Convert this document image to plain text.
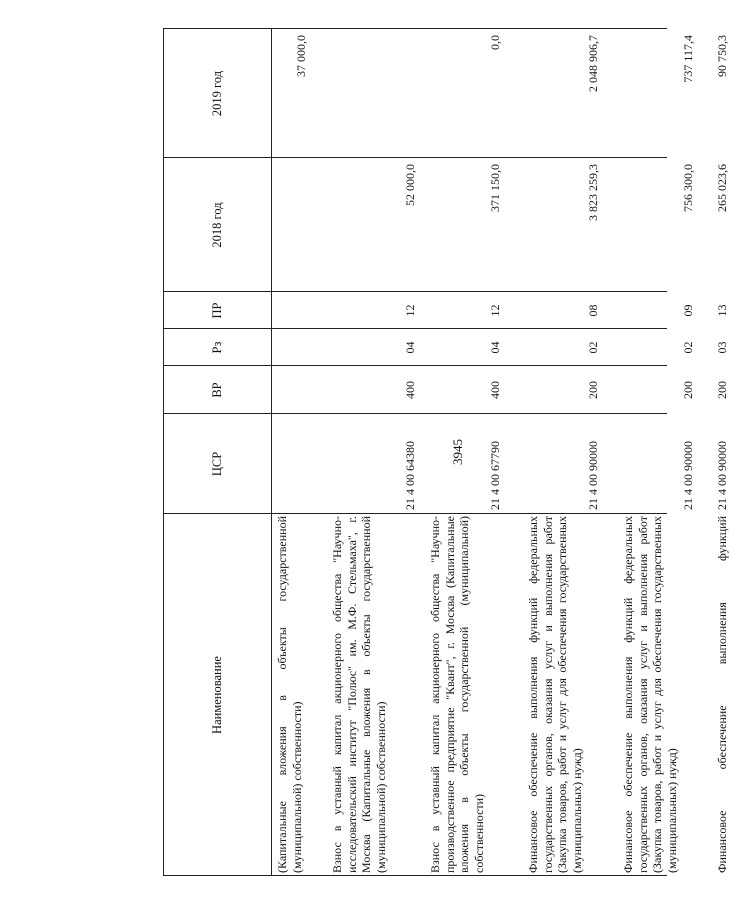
3945
Наименование
ЦСР
ВР
Рз
ПР
2018 год
2019 год
(Капитальные вложения в объекты государственной (муниципальной) собственности) Взнос в уставный капитал акционерного общества "Научно-исследовательский институт "Полюс" им. М.Ф. Стельмаха", г. Москва (Капитальные вложения в объекты государственной (муниципальной) собственности)
21 4 00 64380
400
04
12
52 000,0
37 000,0
Взнос в уставный капитал акционерного общества "Научно-производственное предприятие "Квант", г. Москва (Капитальные вложения в объекты государственной (муниципальной) собственности)
21 4 00 67790
400
04
12
371 150,0
0,0
Финансовое обеспечение выполнения функций федеральных государственных органов, оказания услуг и выполнения работ (Закупка товаров, работ и услуг для обеспечения государственных (муниципальных) нужд)
21 4 00 90000
200
02
08
3 823 259,3
2 048 906,7
Финансовое обеспечение выполнения функций федеральных государственных органов, оказания услуг и выполнения работ (Закупка товаров, работ и услуг для обеспечения государственных (муниципальных) нужд)
21 4 00 90000
200
02
09
756 300,0
737 117,4
Финансовое обеспечение выполнения функций
21 4 00 90000
200
03
13
265 023,6
90 750,3
